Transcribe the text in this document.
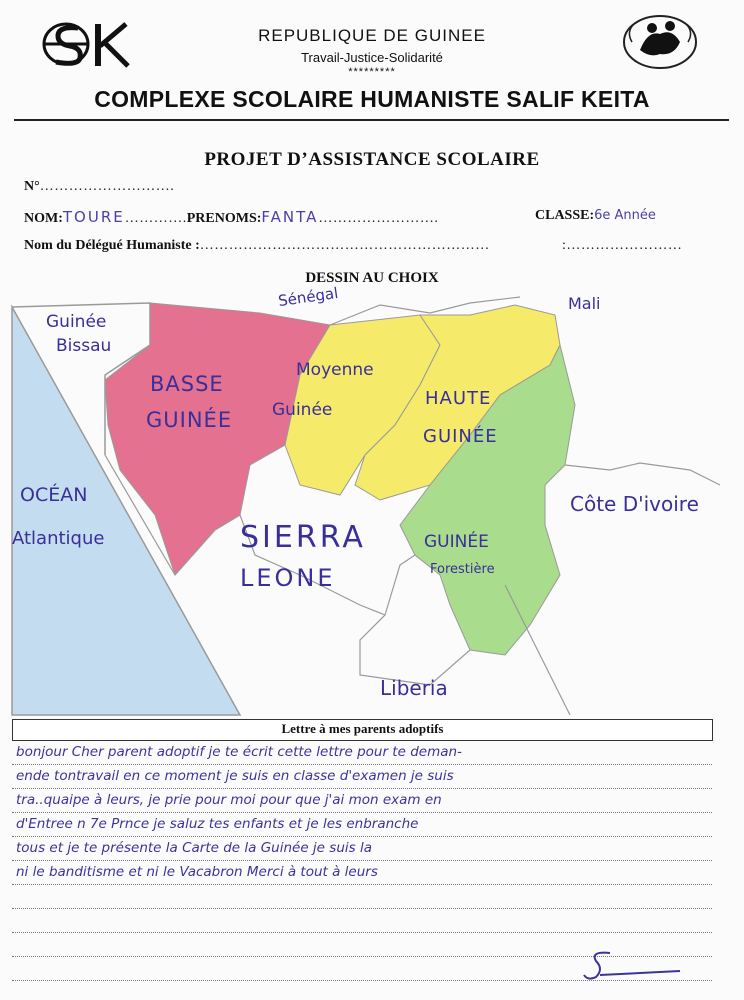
REPUBLIQUE DE GUINEE
Travail-Justice-Solidarité
*********
COMPLEXE SCOLAIRE HUMANISTE SALIF KEITA
PROJET D’ASSISTANCE SCOLAIRE
N°……………………….
NOM:TOURE………….PRENOMS:FANTA…………………….	CLASSE:6e Année
Nom du Délégué Humaniste :……………………………………………………	:……………………
DESSIN AU CHOIX
Guinée
Bissau
Sénégal	Mali
BASSE
GUINÉE
Moyenne
Guinée
HAUTE
GUINÉE
OCÉAN
Atlantique	SIERRA
LEONE
GUINÉE
Forestière
Côte D'ivoire
Liberia
Lettre à mes parents adoptifs
bonjour Cher parent adoptif je te écrit cette lettre pour te deman-
ende tontravail en ce moment je suis en classe d'examen je suis
tra..quaipe à leurs, je prie pour moi pour que j'ai mon exam en
d'Entree n 7e Prnce je saluz tes enfants et je les enbranche
tous et je te présente la Carte de la Guinée je suis la
ni le banditisme et ni le Vacabron Merci à tout à leurs
